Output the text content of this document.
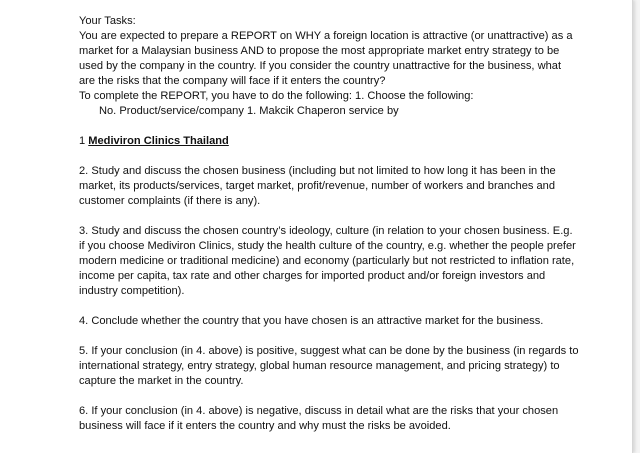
Your Tasks:

You are expected to prepare a REPORT on WHY a foreign location is attractive (or unattractive) as a market for a Malaysian business AND to propose the most appropriate market entry strategy to be used by the company in the country. If you consider the country unattractive for the business, what are the risks that the company will face if it enters the country?

To complete the REPORT, you have to do the following: 1. Choose the following:

No. Product/service/company 1. Makcik Chaperon service by

1 Mediviron Clinics Thailand

2. Study and discuss the chosen business (including but not limited to how long it has been in the market, its products/services, target market, profit/revenue, number of workers and branches and customer complaints (if there is any).

3. Study and discuss the chosen country’s ideology, culture (in relation to your chosen business. E.g. if you choose Mediviron Clinics, study the health culture of the country, e.g. whether the people prefer modern medicine or traditional medicine) and economy (particularly but not restricted to inflation rate, income per capita, tax rate and other charges for imported product and/or foreign investors and industry competition).

4. Conclude whether the country that you have chosen is an attractive market for the business.

5. If your conclusion (in 4. above) is positive, suggest what can be done by the business (in regards to international strategy, entry strategy, global human resource management, and pricing strategy) to capture the market in the country.

6. If your conclusion (in 4. above) is negative, discuss in detail what are the risks that your chosen business will face if it enters the country and why must the risks be avoided.
